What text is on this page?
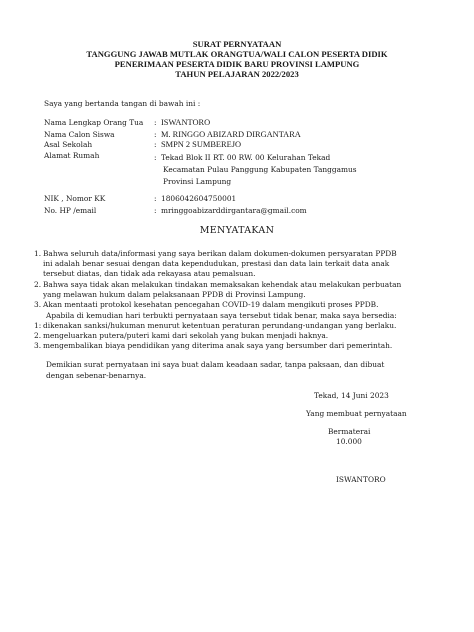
SURAT PERNYATAAN
TANGGUNG JAWAB MUTLAK ORANGTUA/WALI CALON PESERTA DIDIK
PENERIMAAN PESERTA DIDIK BARU PROVINSI LAMPUNG
TAHUN PELAJARAN 2022/2023
Saya yang bertanda tangan di bawah ini :
Nama Lengkap Orang Tua : ISWANTORO
Nama Calon Siswa	: M. RINGGO ABIZARD DIRGANTARA
Asal Sekolah	: SMPN 2 SUMBEREJO
Alamat Rumah	: Tekad Blok II RT. 00 RW. 00 Kelurahan Tekad
Kecamatan Pulau Panggung Kabupaten Tanggamus
Provinsi Lampung
NIK , Nomor KK	: 1806042604750001
No. HP /email	: mringgoabizarddirgantara@gmail.com
MENYATAKAN
1. Bahwa seluruh data/informasi yang saya berikan dalam dokumen-dokumen persyaratan PPDB
ini adalah benar sesuai dengan data kependudukan, prestasi dan data lain terkait data anak
tersebut diatas, dan tidak ada rekayasa atau pemalsuan.
2. Bahwa saya tidak akan melakukan tindakan memaksakan kehendak atau melakukan perbuatan
yang melawan hukum dalam pelaksanaan PPDB di Provinsi Lampung.
3. Akan mentaati protokol kesehatan pencegahan COVID-19 dalam mengikuti proses PPDB.
Apabila di kemudian hari terbukti pernyataan saya tersebut tidak benar, maka saya bersedia:
1: dikenakan sanksi/hukuman menurut ketentuan peraturan perundang-undangan yang berlaku.
2. mengeluarkan putera/puteri kami dari sekolah yang bukan menjadi haknya.
3. mengembalikan biaya pendidikan yang diterima anak saya yang bersumber dari pemerintah.
Demikian surat pernyataan ini saya buat dalam keadaan sadar, tanpa paksaan, dan dibuat
dengan sebenar-benarnya.
Tekad, 14 Juni 2023
Yang membuat pernyataan
Bermaterai
10.000
ISWANTORO
